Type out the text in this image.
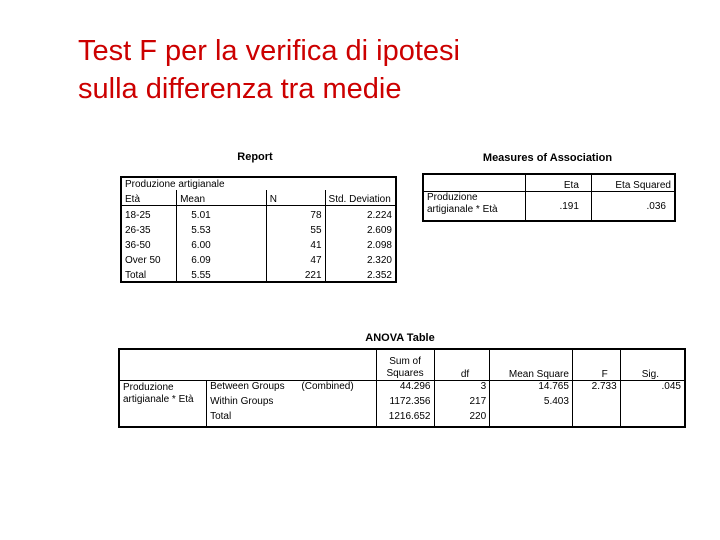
Test F per la verifica di ipotesi
sulla differenza tra medie
Report
Produzione artigianale			
Età	Mean	N	Std. Deviation
18-25	5.01	78	2.224
26-35	5.53	55	2.609
36-50	6.00	41	2.098
Over 50	6.09	47	2.320
Total	5.55	221	2.352
Measures of Association
	Eta	Eta Squared
Produzione artigianale * Età	.191	.036
ANOVA Table
			Sum of Squares	df	Mean Square	F	Sig.
Produzione artigianale * Età	Between Groups	(Combined)	44.296	3	14.765	2.733	.045
	Within Groups		1172.356	217	5.403		
	Total		1216.652	220			
